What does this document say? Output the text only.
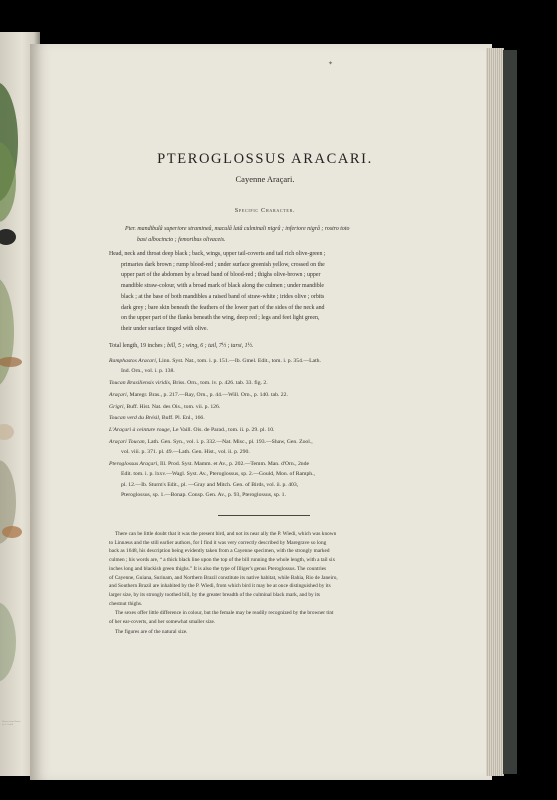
Drawn from Nature
by J. Gould
✦
PTEROGLOSSUS ARACARI.

Cayenne Araçari.

Specific Character.

Pter. mandibulâ superiore stramineâ, maculâ latâ culminali nigrâ ; inferiore nigrâ ; rostro toto
basi albocincto ; femoribus olivaceis.

Head, neck and throat deep black ; back, wings, upper tail-coverts and tail rich olive-green ;
primaries dark brown ; rump blood-red ; under surface greenish yellow, crossed on the
upper part of the abdomen by a broad band of blood-red ; thighs olive-brown ; upper
mandible straw-colour, with a broad mark of black along the culmen ; under mandible
black ; at the base of both mandibles a raised band of straw-white ; irides olive ; orbits
dark grey ; bare skin beneath the feathers of the lower part of the sides of the neck and
on the upper part of the flanks beneath the wing, deep red ; legs and feet light green,
their under surface tinged with olive.

Total length, 19 inches ; bill, 5 ; wing, 6 ; tail, 7½ ; tarsi, 1½.

Ramphastos Aracari, Linn. Syst. Nat., tom. i. p. 151.—Ib. Gmel. Edit., tom. i. p. 354.—Lath.
Ind. Orn., vol. i. p. 138.
Toucan Brasiliensis viridis, Briss. Orn., tom. iv. p. 426. tab. 33. fig. 2.
Araçari, Maregr. Bras., p. 217.—Ray, Orn., p. 44.—Will. Orn., p. 140. tab. 22.
Grigri, Buff. Hist. Nat. des Ois., tom. vii. p. 126.
Toucan verd du Brésil, Buff. Pl. Enl., 166.
L'Araçari à ceinture rouge, Le Vaill. Ois. de Parad., tom. ii. p. 29. pl. 10.
Araçari Toucan, Lath. Gen. Syn., vol. i. p. 332.—Nat. Misc., pl. 193.—Shaw, Gen. Zool.,
vol. viii. p. 371. pl. 49.—Lath. Gen. Hist., vol. ii. p. 290.
Pteroglossus Araçari, Ill. Prod. Syst. Mamm. et Av., p. 202.—Temm. Man. d'Orn., 2nde
Edit. tom. i. p. lxxv.—Wagl. Syst. Av., Pteroglossus, sp. 2.—Gould, Mon. of Ramph.,
pl. 12.—Ib. Sturm's Edit., pl. —Gray and Mitch. Gen. of Birds, vol. ii. p. 403,
Pteroglossus, sp. 1.—Bonap. Consp. Gen. Av., p. 93, Pteroglossus, sp. 1.

There can be little doubt that it was the present bird, and not its near ally the P. Wiedi, which was known
to Linnæus and the still earlier authors, for I find it was very correctly described by Maregrave so long
back as 1648, his description being evidently taken from a Cayenne specimen, with the strongly marked
culmen ; his words are, “ a thick black line upon the top of the bill running the whole length, with a tail six
inches long and blackish green thighs.” It is also the type of Illiger's genus Pteroglossus. The countries
of Cayenne, Guiana, Surinam, and Northern Brazil constitute its native habitat, while Bahia, Rio de Janeiro,
and Southern Brazil are inhabited by the P. Wiedi, from which bird it may be at once distinguished by its
larger size, by its strongly toothed bill, by the greater breadth of the culminal black mark, and by its
chestnut thighs.
The sexes offer little difference in colour, but the female may be readily recognized by the browner tint
of her ear-coverts, and her somewhat smaller size.
The figures are of the natural size.
